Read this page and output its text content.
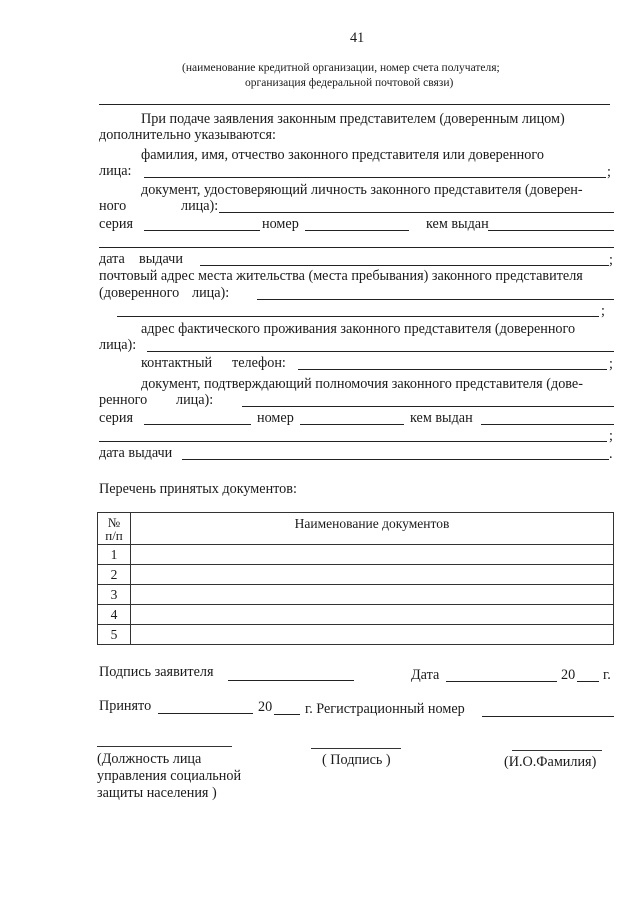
41
(наименование кредитной организации, номер счета получателя;
организация федеральной почтовой связи)
При подаче заявления законным представителем (доверенным лицом)
дополнительно указываются:
фамилия, имя, отчество законного представителя или доверенного
лица:	;
документ, удостоверяющий личность законного представителя (доверен-
ного	лица):
серия	номер	кем выдан
дата выдачи	;
почтовый адрес места жительства (места пребывания) законного представителя
(доверенного лица):
;
адрес фактического проживания законного представителя (доверенного
лица):
контактный телефон:	;
документ, подтверждающий полномочия законного представителя (дове-
ренного лица):
серия	номер	кем выдан
;
дата выдачи	.
Перечень принятых документов:
№
п/п	Наименование документов
1	
2	
3	
4	
5	
Подпись заявителя	Дата	20 г.
Принято	20 г. Регистрационный номер
(Должность лица
управления социальной
защиты населения )
( Подпись )	(И.О.Фамилия)
